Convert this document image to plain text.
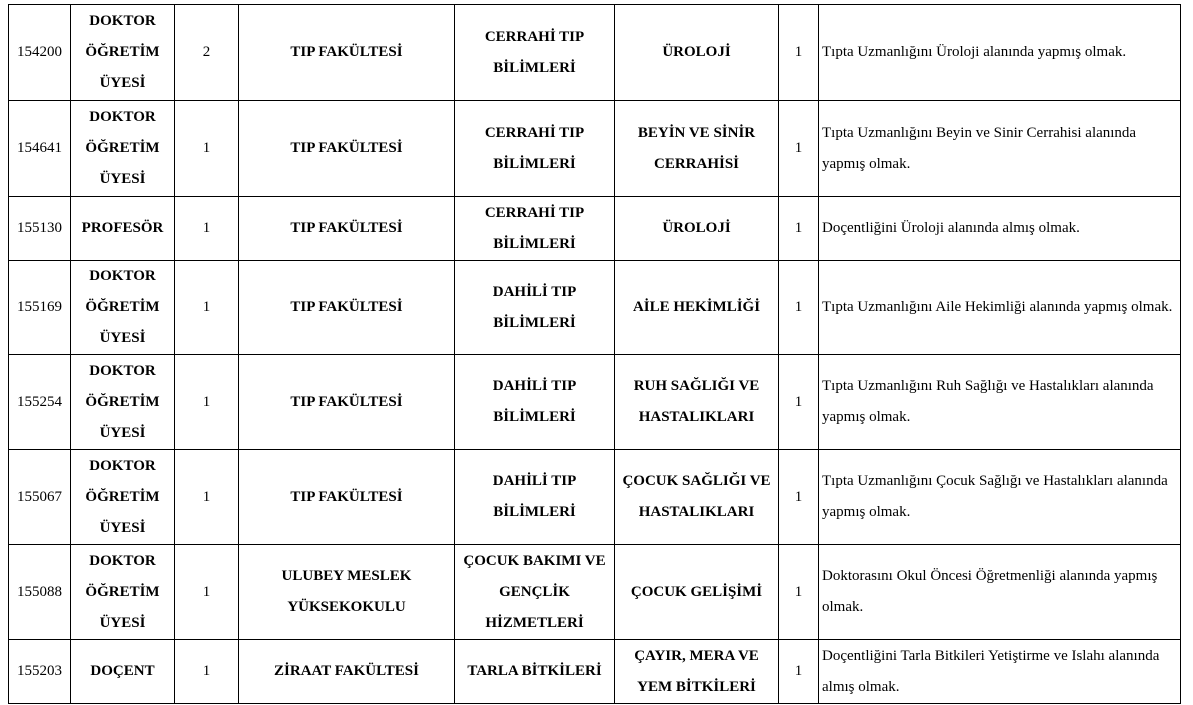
154200	DOKTOR ÖĞRETİM ÜYESİ	2	TIP FAKÜLTESİ	CERRAHİ TIP BİLİMLERİ	ÜROLOJİ	1	Tıpta Uzmanlığını Üroloji alanında yapmış olmak.
154641	DOKTOR ÖĞRETİM ÜYESİ	1	TIP FAKÜLTESİ	CERRAHİ TIP BİLİMLERİ	BEYİN VE SİNİR CERRAHİSİ	1	Tıpta Uzmanlığını Beyin ve Sinir Cerrahisi alanında yapmış olmak.
155130	PROFESÖR	1	TIP FAKÜLTESİ	CERRAHİ TIP BİLİMLERİ	ÜROLOJİ	1	Doçentliğini Üroloji alanında almış olmak.
155169	DOKTOR ÖĞRETİM ÜYESİ	1	TIP FAKÜLTESİ	DAHİLİ TIP BİLİMLERİ	AİLE HEKİMLİĞİ	1	Tıpta Uzmanlığını Aile Hekimliği alanında yapmış olmak.
155254	DOKTOR ÖĞRETİM ÜYESİ	1	TIP FAKÜLTESİ	DAHİLİ TIP BİLİMLERİ	RUH SAĞLIĞI VE HASTALIKLARI	1	Tıpta Uzmanlığını Ruh Sağlığı ve Hastalıkları alanında yapmış olmak.
155067	DOKTOR ÖĞRETİM ÜYESİ	1	TIP FAKÜLTESİ	DAHİLİ TIP BİLİMLERİ	ÇOCUK SAĞLIĞI VE HASTALIKLARI	1	Tıpta Uzmanlığını Çocuk Sağlığı ve Hastalıkları alanında yapmış olmak.
155088	DOKTOR ÖĞRETİM ÜYESİ	1	ULUBEY MESLEK YÜKSEKOKULU	ÇOCUK BAKIMI VE GENÇLİK HİZMETLERİ	ÇOCUK GELİŞİMİ	1	Doktorasını Okul Öncesi Öğretmenliği alanında yapmış olmak.
155203	DOÇENT	1	ZİRAAT FAKÜLTESİ	TARLA BİTKİLERİ	ÇAYIR, MERA VE YEM BİTKİLERİ	1	Doçentliğini Tarla Bitkileri Yetiştirme ve Islahı alanında almış olmak.
